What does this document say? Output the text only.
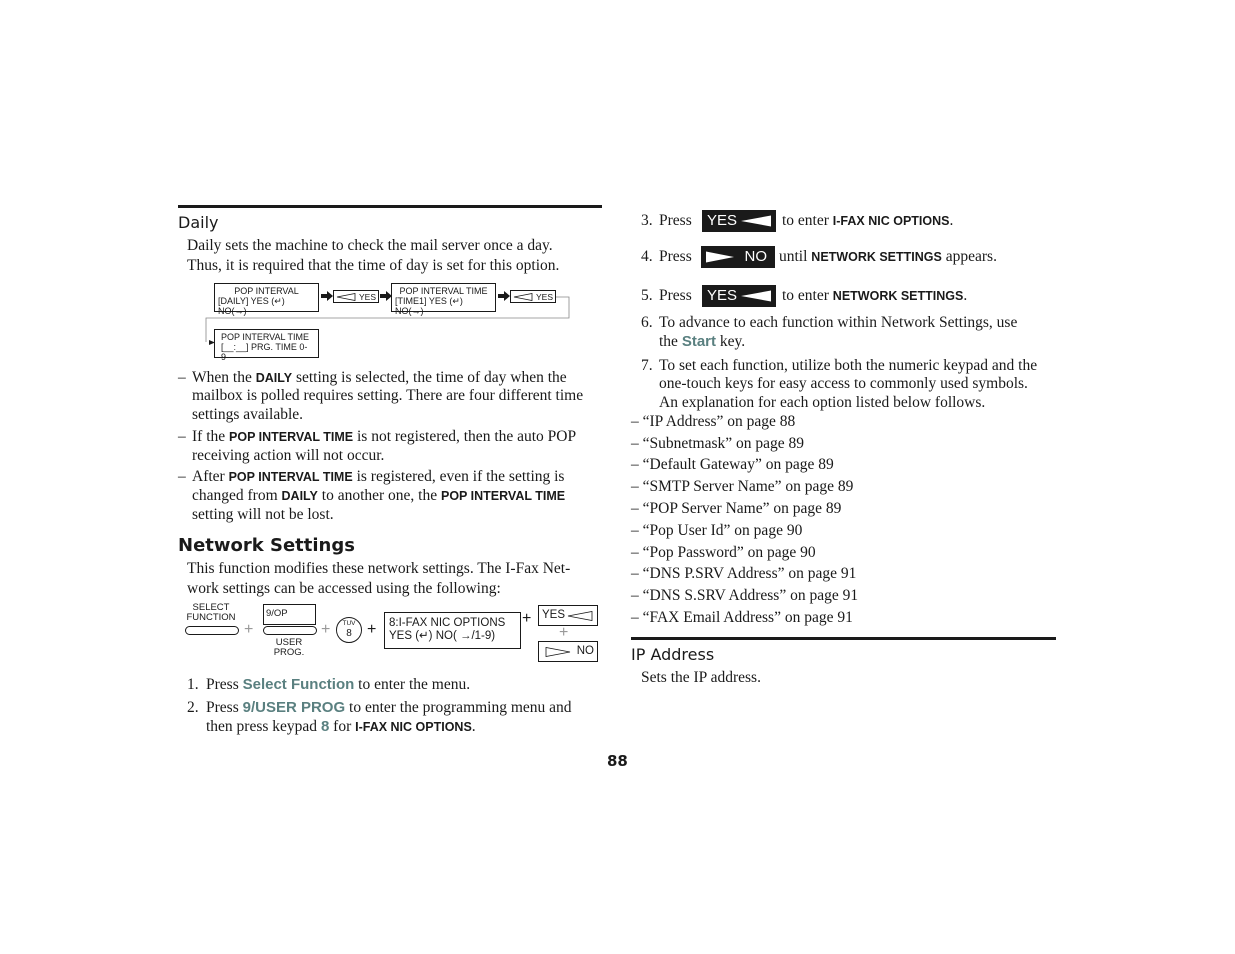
Daily
Daily sets the machine to check the mail server once a day.
Thus, it is required that the time of day is set for this option.
POP INTERVAL
[DAILY] YES (↵) NO(→)
YES
POP INTERVAL TIME
[TIME1] YES (↵) NO(→)
YES
POP INTERVAL TIME
[__:__] PRG. TIME 0-9
– When the DAILY setting is selected, the time of day when the
mailbox is polled requires setting. There are four different time
settings available.
– If the POP INTERVAL TIME is not registered, then the auto POP
receiving action will not occur.
– After POP INTERVAL TIME is registered, even if the setting is
changed from DAILY to another one, the POP INTERVAL TIME
setting will not be lost.
Network Settings
This function modifies these network settings. The I-Fax Net-
work settings can be accessed using the following:
SELECT
FUNCTION
+
9/OP
USER
PROG.
+	TUV
8 + 8:I-FAX NIC OPTIONS
YES (↵) NO( →/1-9)
+ YES
+
NO
1. Press Select Function to enter the menu.
2. Press 9/USER PROG to enter the programming menu and
then press keypad 8 for I-FAX NIC OPTIONS.
3. Press	YES	to enter I-FAX NIC OPTIONS.
4. Press	NO until NETWORK SETTINGS appears.
5. Press	YES	to enter NETWORK SETTINGS.
6. To advance to each function within Network Settings, use
the Start key.
7. To set each function, utilize both the numeric keypad and the
one-touch keys for easy access to commonly used symbols.
An explanation for each option listed below follows.
– “IP Address” on page 88
– “Subnetmask” on page 89
– “Default Gateway” on page 89
– “SMTP Server Name” on page 89
– “POP Server Name” on page 89
– “Pop User Id” on page 90
– “Pop Password” on page 90
– “DNS P.SRV Address” on page 91
– “DNS S.SRV Address” on page 91
– “FAX Email Address” on page 91
IP Address
Sets the IP address.
88
